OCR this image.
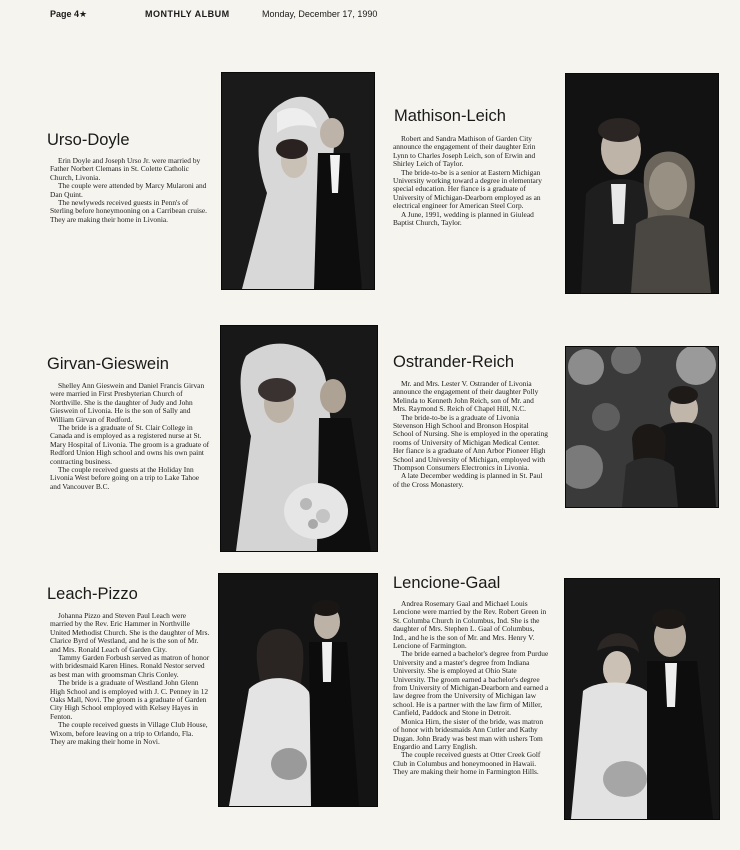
Page 4★	MONTHLY ALBUM	Monday, December 17, 1990
Urso-Doyle

Erin Doyle and Joseph Urso Jr. were married by Father Norbert Clemans in St. Colette Catholic Church, Livonia.

The couple were attended by Marcy Mularoni and Dan Quint.

The newlyweds received guests in Penn's of Sterling before honeymooning on a Carribean cruise. They are making their home in Livonia.

Mathison-Leich

Robert and Sandra Mathison of Garden City announce the engagement of their daughter Erin Lynn to Charles Joseph Leich, son of Erwin and Shirley Leich of Taylor.

The bride-to-be is a senior at Eastern Michigan University working toward a degree in elementary special education. Her fiance is a graduate of University of Michigan-Dearborn employed as an electrical engineer for American Steel Corp.

A June, 1991, wedding is planned in Giulead Baptist Church, Taylor.

Girvan-Gieswein

Shelley Ann Gieswein and Daniel Francis Girvan were married in First Presbyterian Church of Northville. She is the daughter of Judy and John Gieswein of Livonia. He is the son of Sally and William Girvan of Redford.

The bride is a graduate of St. Clair College in Canada and is employed as a registered nurse at St. Mary Hospital of Livonia. The groom is a graduate of Redford Union High school and owns his own paint contracting business.

The couple received guests at the Holiday Inn Livonia West before going on a trip to Lake Tahoe and Vancouver B.C.

Ostrander-Reich

Mr. and Mrs. Lester V. Ostrander of Livonia announce the engagement of their daughter Polly Melinda to Kenneth John Reich, son of Mr. and Mrs. Raymond S. Reich of Chapel Hill, N.C.

The bride-to-be is a graduate of Livonia Stevenson High School and Bronson Hospital School of Nursing. She is employed in the operating rooms of University of Michigan Medical Center. Her fiance is a graduate of Ann Arbor Pioneer High School and University of Michigan, employed with Thompson Consumers Electronics in Livonia.

A late December wedding is planned in St. Paul of the Cross Monastery.

Leach-Pizzo

Johanna Pizzo and Steven Paul Leach were married by the Rev. Eric Hammer in Northville United Methodist Church. She is the daughter of Mrs. Clarice Byrd of Westland, and he is the son of Mr. and Mrs. Ronald Leach of Garden City.

Tammy Garden Forbush served as matron of honor with bridesmaid Karen Hines. Ronald Nestor served as best man with groomsman Chris Conley.

The bride is a graduate of Westland John Glenn High School and is employed with J. C. Penney in 12 Oaks Mall, Novi. The groom is a graduate of Garden City High School employed with Kelsey Hayes in Fenton.

The couple received guests in Village Club House, Wixom, before leaving on a trip to Orlando, Fla. They are making their home in Novi.

Lencione-Gaal

Andrea Rosemary Gaal and Michael Louis Lencione were married by the Rev. Robert Green in St. Columba Church in Columbus, Ind. She is the daughter of Mrs. Stephen L. Gaal of Columbus, Ind., and he is the son of Mr. and Mrs. Henry V. Lencione of Farmington.

The bride earned a bachelor's degree from Purdue University and a master's degree from Indiana University. She is employed at Ohio State University. The groom earned a bachelor's degree from University of Michigan-Dearborn and earned a law degree from the University of Michigan law school. He is a partner with the law firm of Miller, Canfield, Paddock and Stone in Detroit.

Monica Hirn, the sister of the bride, was matron of honor with bridesmaids Ann Cutler and Kathy Dugan. John Brady was best man with ushers Tom Engardio and Larry English.

The couple received guests at Otter Creek Golf Club in Columbus and honeymooned in Hawaii. They are making their home in Farmington Hills.
